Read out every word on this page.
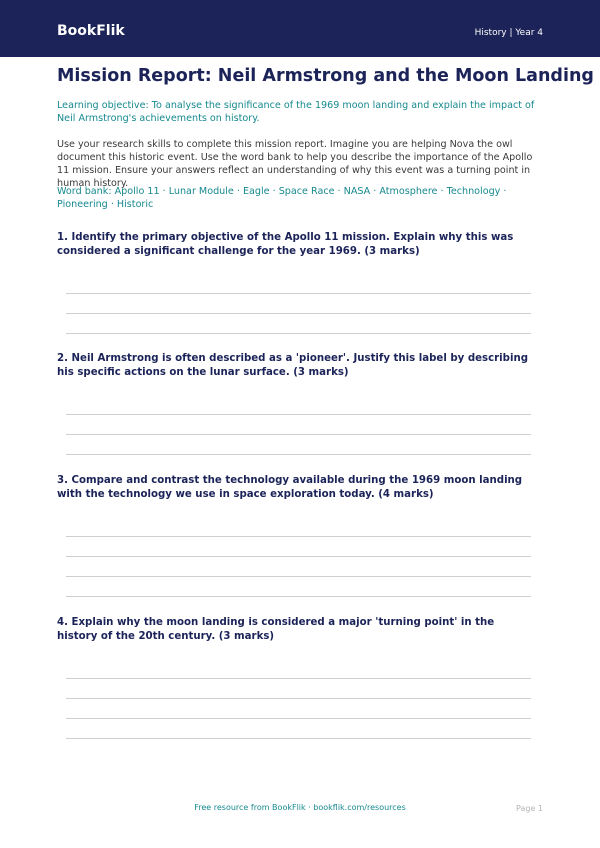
BookFlik	History | Year 4
Mission Report: Neil Armstrong and the Moon Landing

Learning objective: To analyse the significance of the 1969 moon landing and explain the impact of Neil Armstrong's achievements on history.

Use your research skills to complete this mission report. Imagine you are helping Nova the owl document this historic event. Use the word bank to help you describe the importance of the Apollo 11 mission. Ensure your answers reflect an understanding of why this event was a turning point in human history.

Word bank: Apollo 11 · Lunar Module · Eagle · Space Race · NASA · Atmosphere · Technology · Pioneering · Historic

1. Identify the primary objective of the Apollo 11 mission. Explain why this was considered a significant challenge for the year 1969. (3 marks)

2. Neil Armstrong is often described as a 'pioneer'. Justify this label by describing his specific actions on the lunar surface. (3 marks)

3. Compare and contrast the technology available during the 1969 moon landing with the technology we use in space exploration today. (4 marks)

4. Explain why the moon landing is considered a major 'turning point' in the history of the 20th century. (3 marks)

Free resource from BookFlik · bookflik.com/resources	Page 1
